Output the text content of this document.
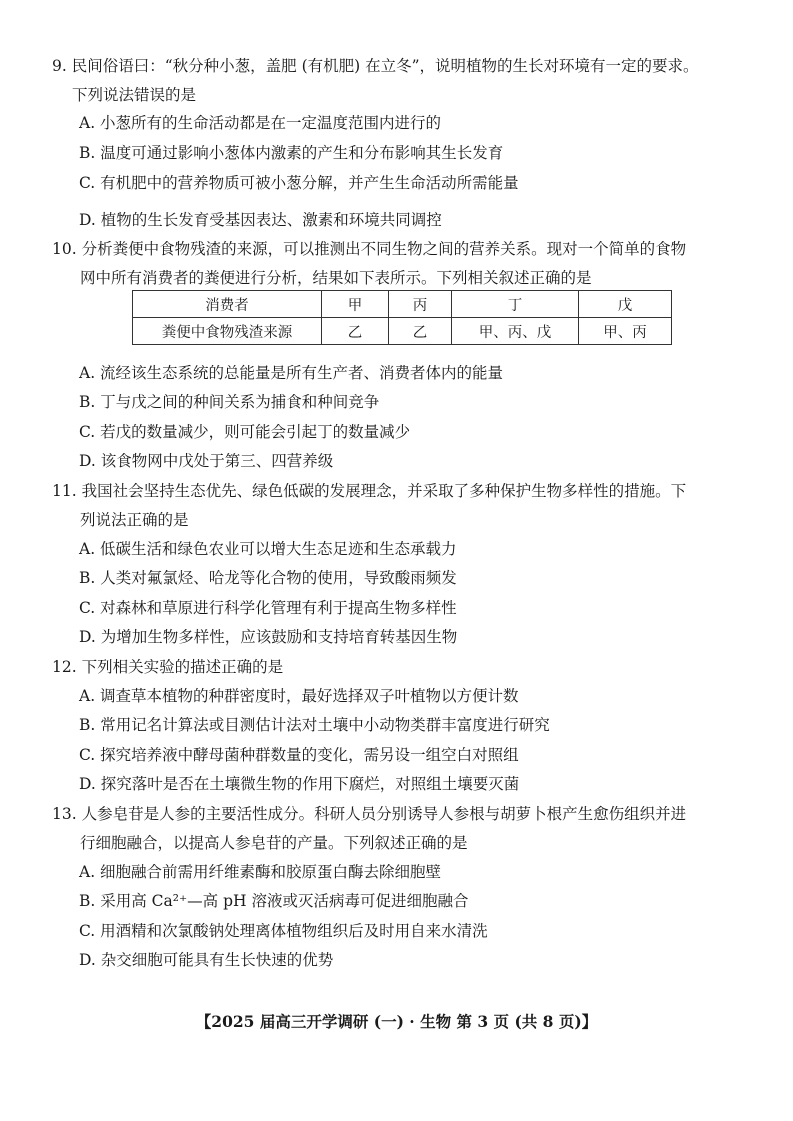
9. 民间俗语曰：“秋分种小葱，盖肥 (有机肥) 在立冬”，说明植物的生长对环境有一定的要求。
下列说法错误的是
A. 小葱所有的生命活动都是在一定温度范围内进行的
B. 温度可通过影响小葱体内激素的产生和分布影响其生长发育
C. 有机肥中的营养物质可被小葱分解，并产生生命活动所需能量
D. 植物的生长发育受基因表达、激素和环境共同调控
10. 分析粪便中食物残渣的来源，可以推测出不同生物之间的营养关系。现对一个简单的食物
网中所有消费者的粪便进行分析，结果如下表所示。下列相关叙述正确的是
消费者	甲	丙	丁	戊
粪便中食物残渣来源	乙	乙	甲、丙、戊	甲、丙
A. 流经该生态系统的总能量是所有生产者、消费者体内的能量
B. 丁与戊之间的种间关系为捕食和种间竞争
C. 若戊的数量减少，则可能会引起丁的数量减少
D. 该食物网中戊处于第三、四营养级
11. 我国社会坚持生态优先、绿色低碳的发展理念，并采取了多种保护生物多样性的措施。下
列说法正确的是
A. 低碳生活和绿色农业可以增大生态足迹和生态承载力
B. 人类对氟氯烃、哈龙等化合物的使用，导致酸雨频发
C. 对森林和草原进行科学化管理有利于提高生物多样性
D. 为增加生物多样性，应该鼓励和支持培育转基因生物
12. 下列相关实验的描述正确的是
A. 调查草本植物的种群密度时，最好选择双子叶植物以方便计数
B. 常用记名计算法或目测估计法对土壤中小动物类群丰富度进行研究
C. 探究培养液中酵母菌种群数量的变化，需另设一组空白对照组
D. 探究落叶是否在土壤微生物的作用下腐烂，对照组土壤要灭菌
13. 人参皂苷是人参的主要活性成分。科研人员分别诱导人参根与胡萝卜根产生愈伤组织并进
行细胞融合，以提高人参皂苷的产量。下列叙述正确的是
A. 细胞融合前需用纤维素酶和胶原蛋白酶去除细胞壁
B. 采用高 Ca²⁺—高 pH 溶液或灭活病毒可促进细胞融合
C. 用酒精和次氯酸钠处理离体植物组织后及时用自来水清洗
D. 杂交细胞可能具有生长快速的优势
【2025 届高三开学调研 (一) · 生物 第 3 页 (共 8 页)】
